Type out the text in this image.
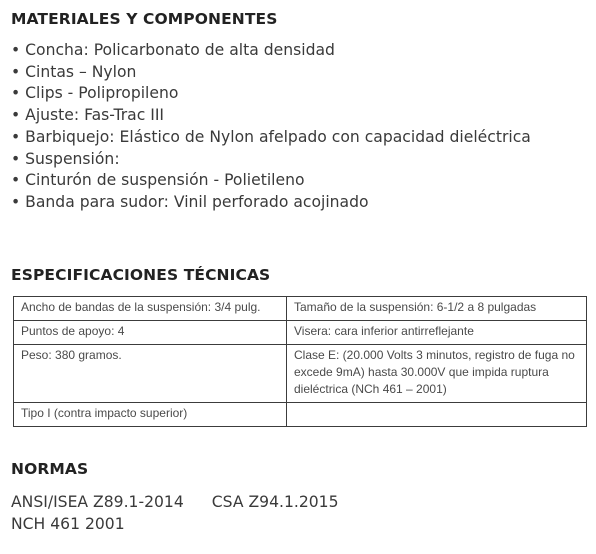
MATERIALES Y COMPONENTES
• Concha: Policarbonato de alta densidad
• Cintas – Nylon
• Clips - Polipropileno
• Ajuste: Fas-Trac III
• Barbiquejo: Elástico de Nylon afelpado con capacidad dieléctrica
• Suspensión:
• Cinturón de suspensión - Polietileno
• Banda para sudor: Vinil perforado acojinado
ESPECIFICACIONES TÉCNICAS
Ancho de bandas de la suspensión: 3/4 pulg.	Tamaño de la suspensión: 6-1/2 a 8 pulgadas
Puntos de apoyo: 4	Visera: cara inferior antirreflejante
Peso: 380 gramos.	Clase E: (20.000 Volts 3 minutos, registro de fuga no excede 9mA) hasta 30.000V que impida ruptura dieléctrica (NCh 461 – 2001)
Tipo I (contra impacto superior)	
NORMAS
ANSI/ISEA Z89.1-2014 CSA Z94.1.2015
NCH 461 2001
